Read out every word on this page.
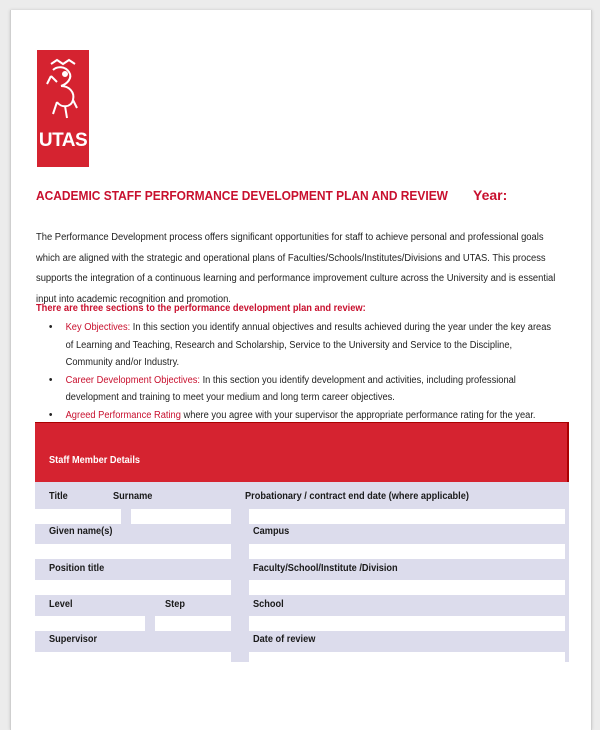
UTAS
ACADEMIC STAFF PERFORMANCE DEVELOPMENT PLAN AND REVIEW Year:
The Performance Development process offers significant opportunities for staff to achieve personal and professional goals which are aligned with the strategic and operational plans of Faculties/Schools/Institutes/Divisions and UTAS. This process supports the integration of a continuous learning and performance improvement culture across the University and is essential input into academic recognition and promotion.
There are three sections to the performance development plan and review:
• Key Objectives: In this section you identify annual objectives and results achieved during the year under the key areas of Learning and Teaching, Research and Scholarship, Service to the University and Service to the Discipline, Community and/or Industry.
• Career Development Objectives: In this section you identify development and activities, including professional development and training to meet your medium and long term career objectives.
• Agreed Performance Rating where you agree with your supervisor the appropriate performance rating for the year.
Staff Member Details
Title	Surname	Probationary / contract end date (where applicable)
Given name(s)	Campus
Position title	Faculty/School/Institute /Division
Level	Step	School
Supervisor	Date of review
